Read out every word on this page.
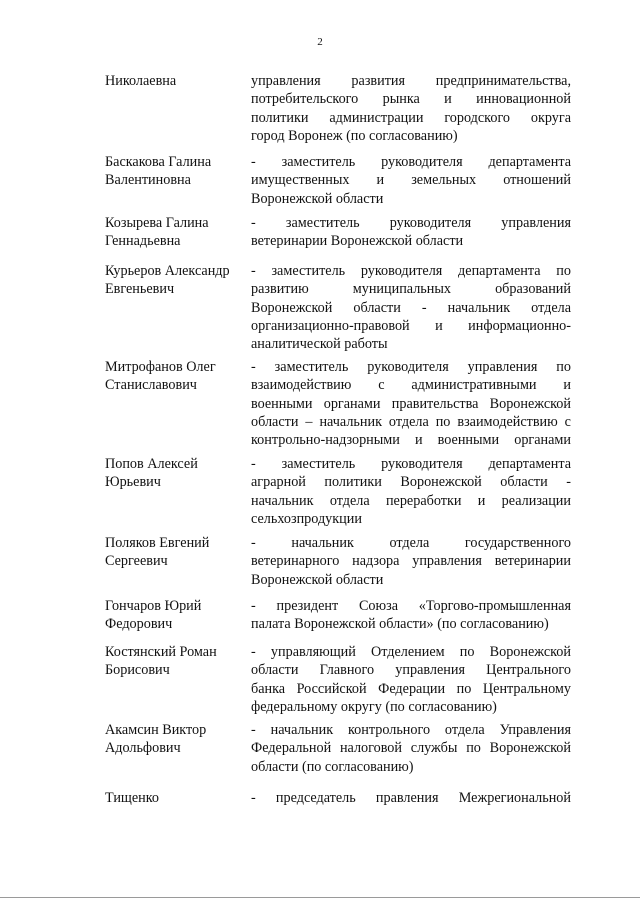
2
Николаевна	управления развития предпринимательства,
потребительского рынка и инновационной
политики администрации городского округа
город Воронеж (по согласованию)
Баскакова Галина
Валентиновна
- заместитель руководителя департамента
имущественных и земельных отношений
Воронежской области
Козырева Галина
Геннадьевна
- заместитель руководителя управления
ветеринарии Воронежской области
Курьеров Александр
Евгеньевич
- заместитель руководителя департамента по
развитию муниципальных образований
Воронежской области - начальник отдела
организационно-правовой и информационно-
аналитической работы
Митрофанов Олег
Станиславович
- заместитель руководителя управления по
взаимодействию с административными и
военными органами правительства Воронежской
области – начальник отдела по взаимодействию с
контрольно-надзорными и военными органами
Попов Алексей
Юрьевич
- заместитель руководителя департамента
аграрной политики Воронежской области -
начальник отдела переработки и реализации
сельхозпродукции
Поляков Евгений
Сергеевич
- начальник отдела государственного
ветеринарного надзора управления ветеринарии
Воронежской области
Гончаров Юрий
Федорович
- президент Союза «Торгово-промышленная
палата Воронежской области» (по согласованию)
Костянский Роман
Борисович
- управляющий Отделением по Воронежской
области Главного управления Центрального
банка Российской Федерации по Центральному
федеральному округу (по согласованию)
Акамсин Виктор
Адольфович
- начальник контрольного отдела Управления
Федеральной налоговой службы по Воронежской
области (по согласованию)
Тищенко	- председатель правления Межрегиональной
